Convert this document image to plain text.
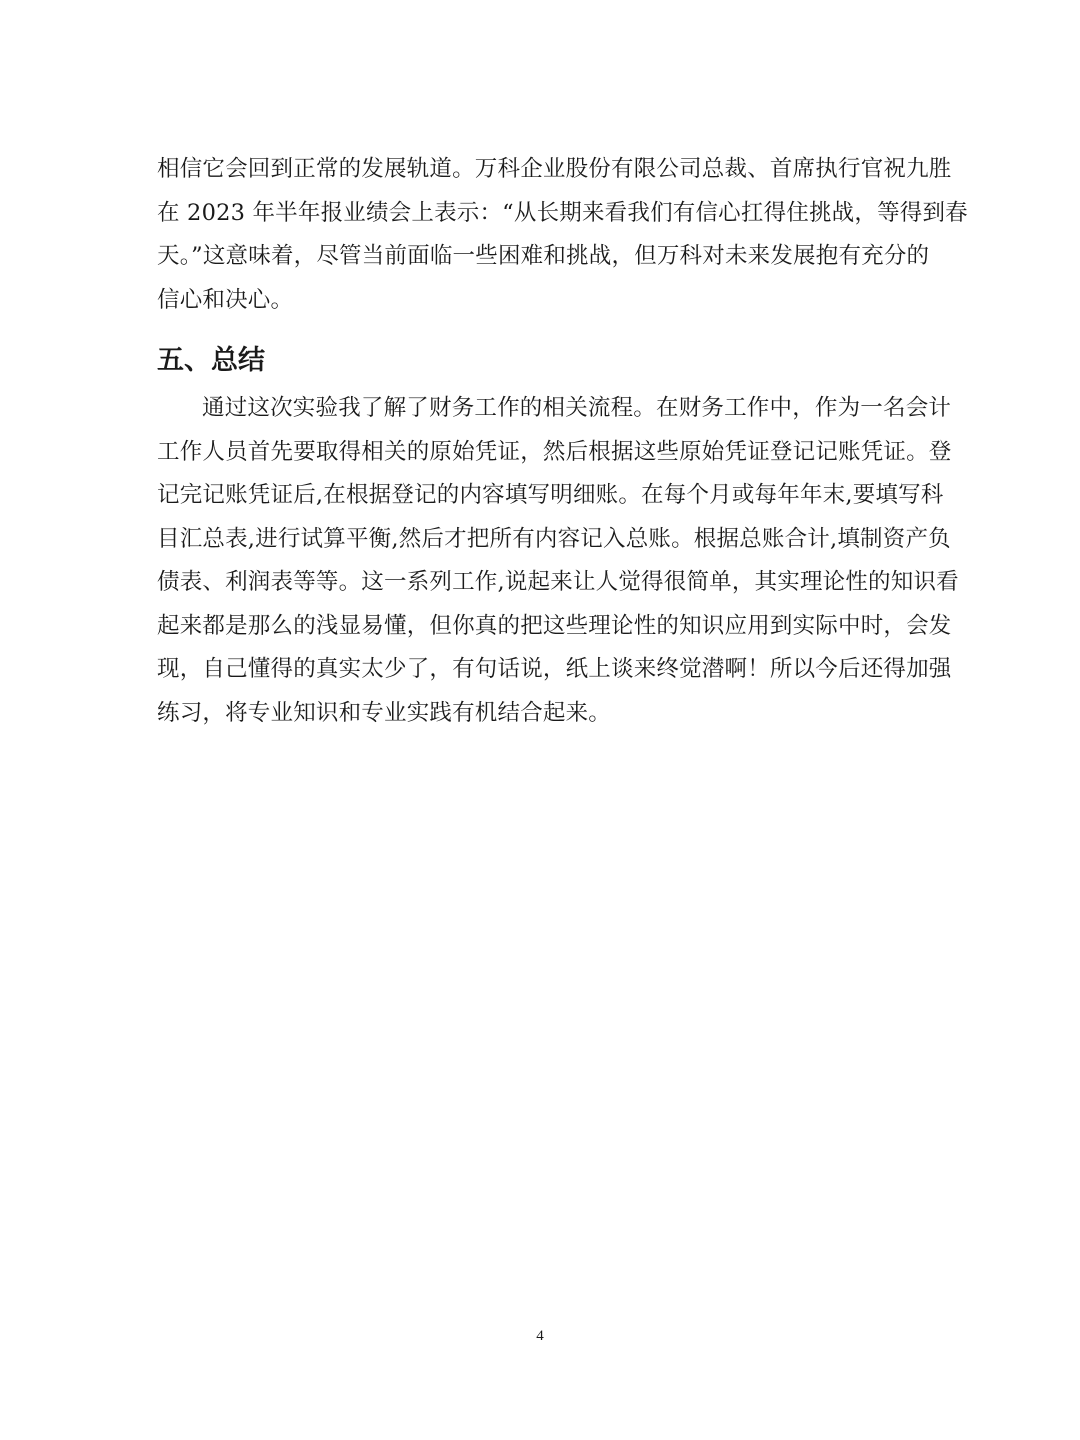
相信它会回到正常的发展轨道。万科企业股份有限公司总裁、首席执行官祝九胜
在 2023 年半年报业绩会上表示：“从长期来看我们有信心扛得住挑战，等得到春
天。”这意味着，尽管当前面临一些困难和挑战，但万科对未来发展抱有充分的
信心和决心。
五、总结
通过这次实验我了解了财务工作的相关流程。在财务工作中，作为一名会计
工作人员首先要取得相关的原始凭证，然后根据这些原始凭证登记记账凭证。登
记完记账凭证后,在根据登记的内容填写明细账。在每个月或每年年末,要填写科
目汇总表,进行试算平衡,然后才把所有内容记入总账。根据总账合计,填制资产负
债表、利润表等等。这一系列工作,说起来让人觉得很简单，其实理论性的知识看
起来都是那么的浅显易懂，但你真的把这些理论性的知识应用到实际中时，会发
现，自己懂得的真实太少了，有句话说，纸上谈来终觉潜啊！所以今后还得加强
练习，将专业知识和专业实践有机结合起来。
4
